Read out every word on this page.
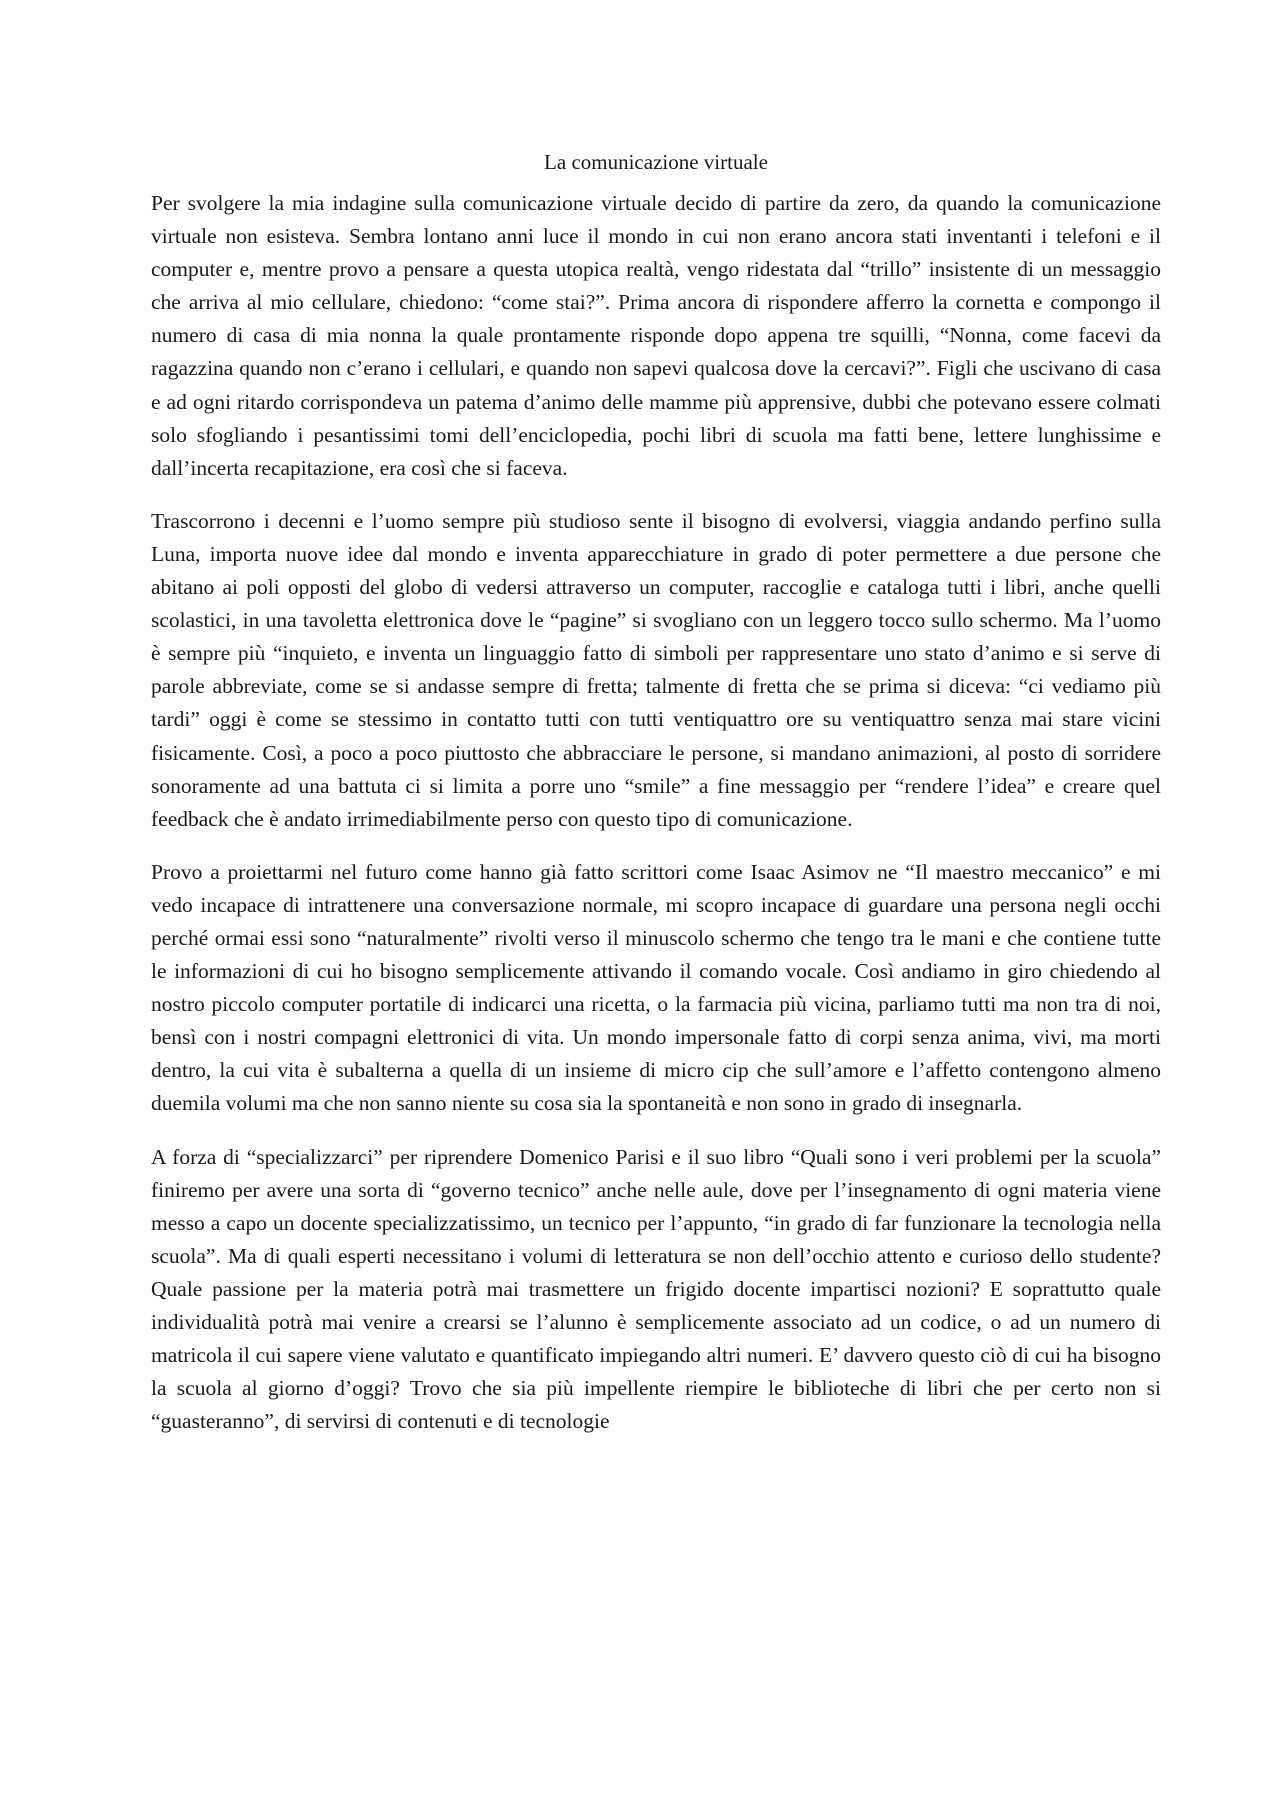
La comunicazione virtuale

Per svolgere la mia indagine sulla comunicazione virtuale decido di partire da zero, da quando la comunicazione virtuale non esisteva. Sembra lontano anni luce il mondo in cui non erano ancora stati inventanti i telefoni e il computer e, mentre provo a pensare a questa utopica realtà, vengo ridestata dal “trillo” insistente di un messaggio che arriva al mio cellulare, chiedono: “come stai?”. Prima ancora di rispondere afferro la cornetta e compongo il numero di casa di mia nonna la quale prontamente risponde dopo appena tre squilli, “Nonna, come facevi da ragazzina quando non c’erano i cellulari, e quando non sapevi qualcosa dove la cercavi?”. Figli che uscivano di casa e ad ogni ritardo corrispondeva un patema d’animo delle mamme più apprensive, dubbi che potevano essere colmati solo sfogliando i pesantissimi tomi dell’enciclopedia, pochi libri di scuola ma fatti bene, lettere lunghissime e dall’incerta recapitazione, era così che si faceva.

Trascorrono i decenni e l’uomo sempre più studioso sente il bisogno di evolversi, viaggia andando perfino sulla Luna, importa nuove idee dal mondo e inventa apparecchiature in grado di poter permettere a due persone che abitano ai poli opposti del globo di vedersi attraverso un computer, raccoglie e cataloga tutti i libri, anche quelli scolastici, in una tavoletta elettronica dove le “pagine” si svogliano con un leggero tocco sullo schermo. Ma l’uomo è sempre più “inquieto, e inventa un linguaggio fatto di simboli per rappresentare uno stato d’animo e si serve di parole abbreviate, come se si andasse sempre di fretta; talmente di fretta che se prima si diceva: “ci vediamo più tardi” oggi è come se stessimo in contatto tutti con tutti ventiquattro ore su ventiquattro senza mai stare vicini fisicamente. Così, a poco a poco piuttosto che abbracciare le persone, si mandano animazioni, al posto di sorridere sonoramente ad una battuta ci si limita a porre uno “smile” a fine messaggio per “rendere l’idea” e creare quel feedback che è andato irrimediabilmente perso con questo tipo di comunicazione.

Provo a proiettarmi nel futuro come hanno già fatto scrittori come Isaac Asimov ne “Il maestro meccanico” e mi vedo incapace di intrattenere una conversazione normale, mi scopro incapace di guardare una persona negli occhi perché ormai essi sono “naturalmente” rivolti verso il minuscolo schermo che tengo tra le mani e che contiene tutte le informazioni di cui ho bisogno semplicemente attivando il comando vocale. Così andiamo in giro chiedendo al nostro piccolo computer portatile di indicarci una ricetta, o la farmacia più vicina, parliamo tutti ma non tra di noi, bensì con i nostri compagni elettronici di vita. Un mondo impersonale fatto di corpi senza anima, vivi, ma morti dentro, la cui vita è subalterna a quella di un insieme di micro cip che sull’amore e l’affetto contengono almeno duemila volumi ma che non sanno niente su cosa sia la spontaneità e non sono in grado di insegnarla.

A forza di “specializzarci” per riprendere Domenico Parisi e il suo libro “Quali sono i veri problemi per la scuola” finiremo per avere una sorta di “governo tecnico” anche nelle aule, dove per l’insegnamento di ogni materia viene messo a capo un docente specializzatissimo, un tecnico per l’appunto, “in grado di far funzionare la tecnologia nella scuola”. Ma di quali esperti necessitano i volumi di letteratura se non dell’occhio attento e curioso dello studente? Quale passione per la materia potrà mai trasmettere un frigido docente impartisci nozioni? E soprattutto quale individualità potrà mai venire a crearsi se l’alunno è semplicemente associato ad un codice, o ad un numero di matricola il cui sapere viene valutato e quantificato impiegando altri numeri. E’ davvero questo ciò di cui ha bisogno la scuola al giorno d’oggi? Trovo che sia più impellente riempire le biblioteche di libri che per certo non si “guasteranno”, di servirsi di contenuti e di tecnologie
